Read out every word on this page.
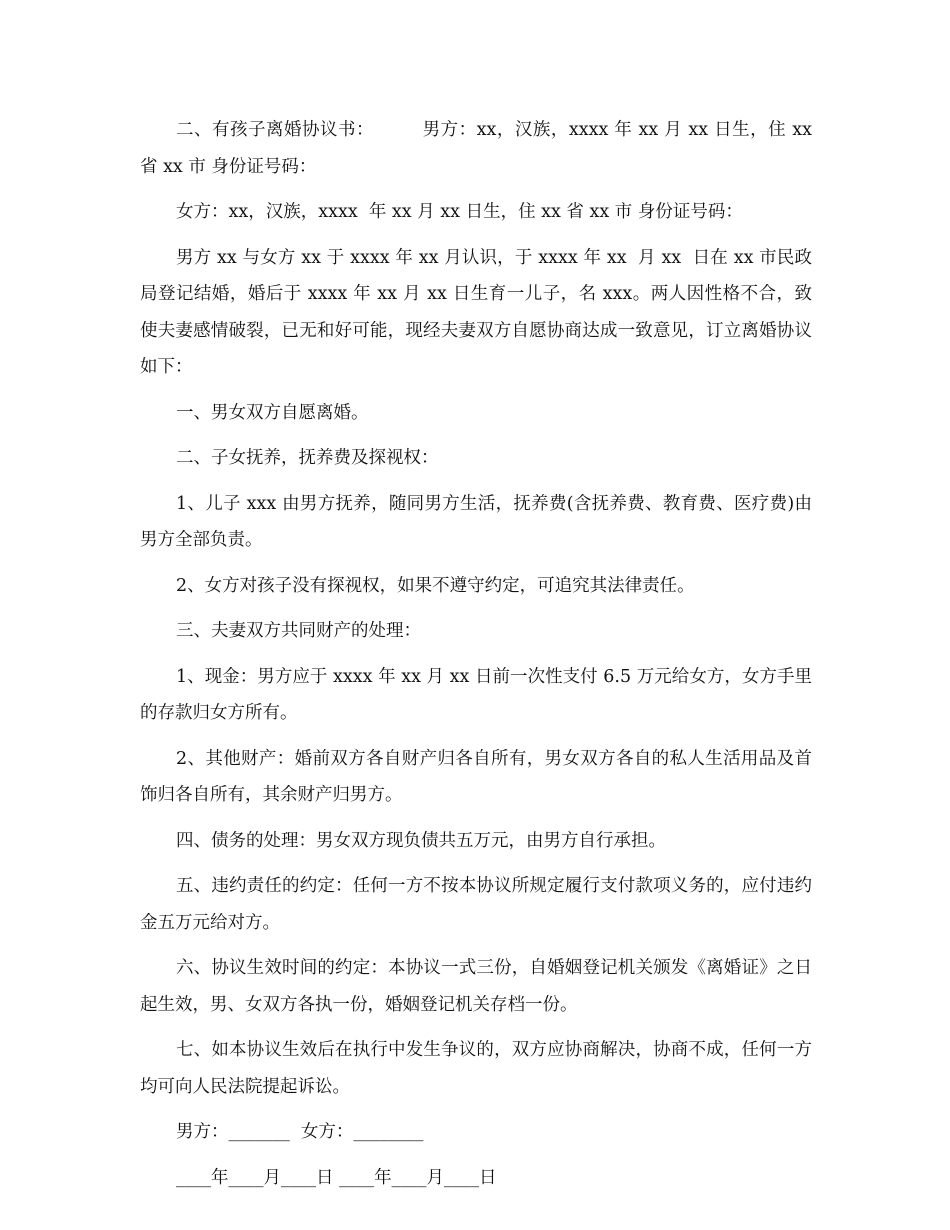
二、有孩子离婚协议书：        男方：xx，汉族，xxxx 年 xx 月 xx 日生，住 xx 省 xx 市 身份证号码：

女方：xx，汉族，xxxx  年 xx 月 xx 日生，住 xx 省 xx 市 身份证号码：

男方 xx 与女方 xx 于 xxxx 年 xx 月认识，于 xxxx 年 xx  月 xx  日在 xx 市民政局登记结婚，婚后于 xxxx 年 xx 月 xx 日生育一儿子，名 xxx。两人因性格不合，致使夫妻感情破裂，已无和好可能，现经夫妻双方自愿协商达成一致意见，订立离婚协议如下：

一、男女双方自愿离婚。

二、子女抚养，抚养费及探视权：

1、儿子 xxx 由男方抚养，随同男方生活，抚养费(含抚养费、教育费、医疗费)由男方全部负责。

2、女方对孩子没有探视权，如果不遵守约定，可追究其法律责任。

三、夫妻双方共同财产的处理：

1、现金：男方应于 xxxx 年 xx 月 xx 日前一次性支付 6.5 万元给女方，女方手里的存款归女方所有。

2、其他财产：婚前双方各自财产归各自所有，男女双方各自的私人生活用品及首饰归各自所有，其余财产归男方。

四、债务的处理：男女双方现负债共五万元，由男方自行承担。

五、违约责任的约定：任何一方不按本协议所规定履行支付款项义务的，应付违约金五万元给对方。

六、协议生效时间的约定：本协议一式三份，自婚姻登记机关颁发《离婚证》之日起生效，男、女双方各执一份，婚姻登记机关存档一份。

七、如本协议生效后在执行中发生争议的，双方应协商解决，协商不成，任何一方均可向人民法院提起诉讼。

男方：_______  女方：________

____年____月____日 ____年____月____日
